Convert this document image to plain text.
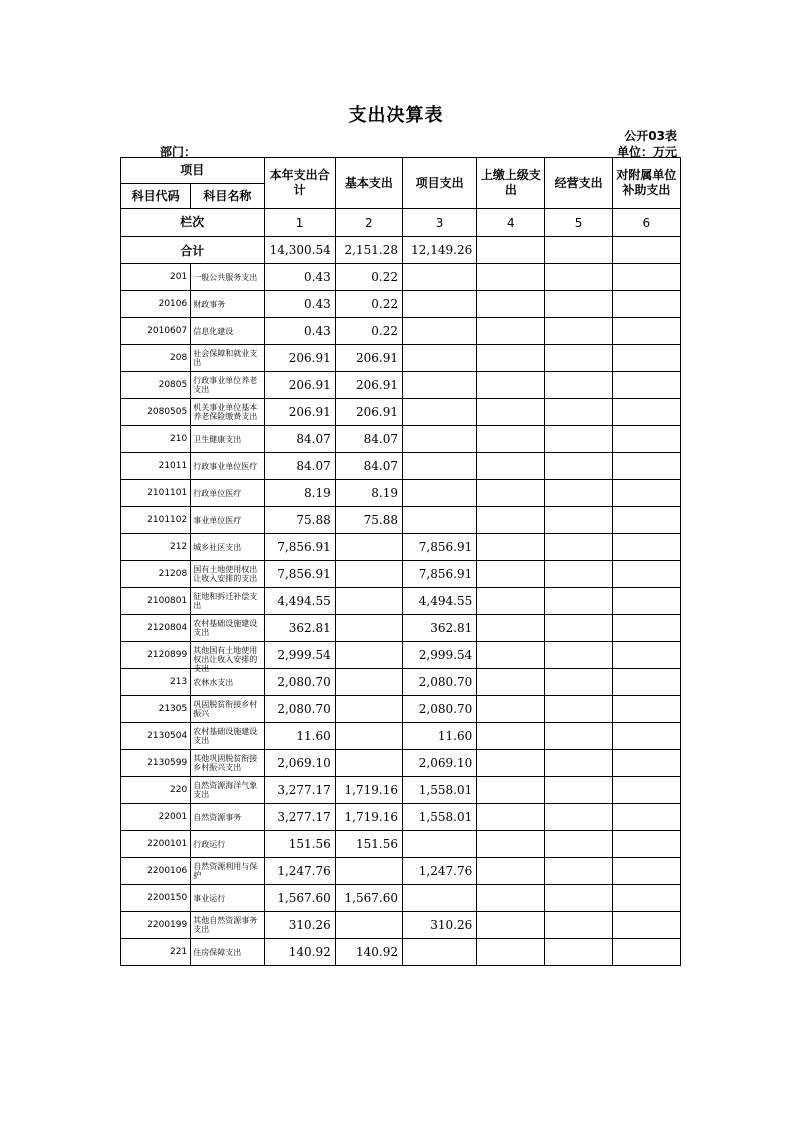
支出决算表
公开03表
部门：	单位：万元
项目		本年支出合计	基本支出	项目支出	上缴上级支出	经营支出	对附属单位补助支出
科目代码	科目名称						
栏次		1	2	3	4	5	6
合计		14,300.54	2,151.28	12,149.26			
201	一般公共服务支出	0.43	0.22				
20106	财政事务	0.43	0.22				
2010607	信息化建设	0.43	0.22				
208	社会保障和就业支出	206.91	206.91				
20805	行政事业单位养老支出	206.91	206.91				
2080505	机关事业单位基本养老保险缴费支出	206.91	206.91				
210	卫生健康支出	84.07	84.07				
21011	行政事业单位医疗	84.07	84.07				
2101101	行政单位医疗	8.19	8.19				
2101102	事业单位医疗	75.88	75.88				
212	城乡社区支出	7,856.91		7,856.91			
21208	国有土地使用权出让收入安排的支出	7,856.91		7,856.91			
2100801	征地和拆迁补偿支出	4,494.55		4,494.55			
2120804	农村基础设施建设支出	362.81		362.81			
2120899	其他国有土地使用权出让收入安排的支出	2,999.54		2,999.54			
213	农林水支出	2,080.70		2,080.70			
21305	巩固脱贫衔接乡村振兴	2,080.70		2,080.70			
2130504	农村基础设施建设支出	11.60		11.60			
2130599	其他巩固脱贫衔接乡村振兴支出	2,069.10		2,069.10			
220	自然资源海洋气象支出	3,277.17	1,719.16	1,558.01			
22001	自然资源事务	3,277.17	1,719.16	1,558.01			
2200101	行政运行	151.56	151.56				
2200106	自然资源利用与保护	1,247.76		1,247.76			
2200150	事业运行	1,567.60	1,567.60				
2200199	其他自然资源事务支出	310.26		310.26			
221	住房保障支出	140.92	140.92				
